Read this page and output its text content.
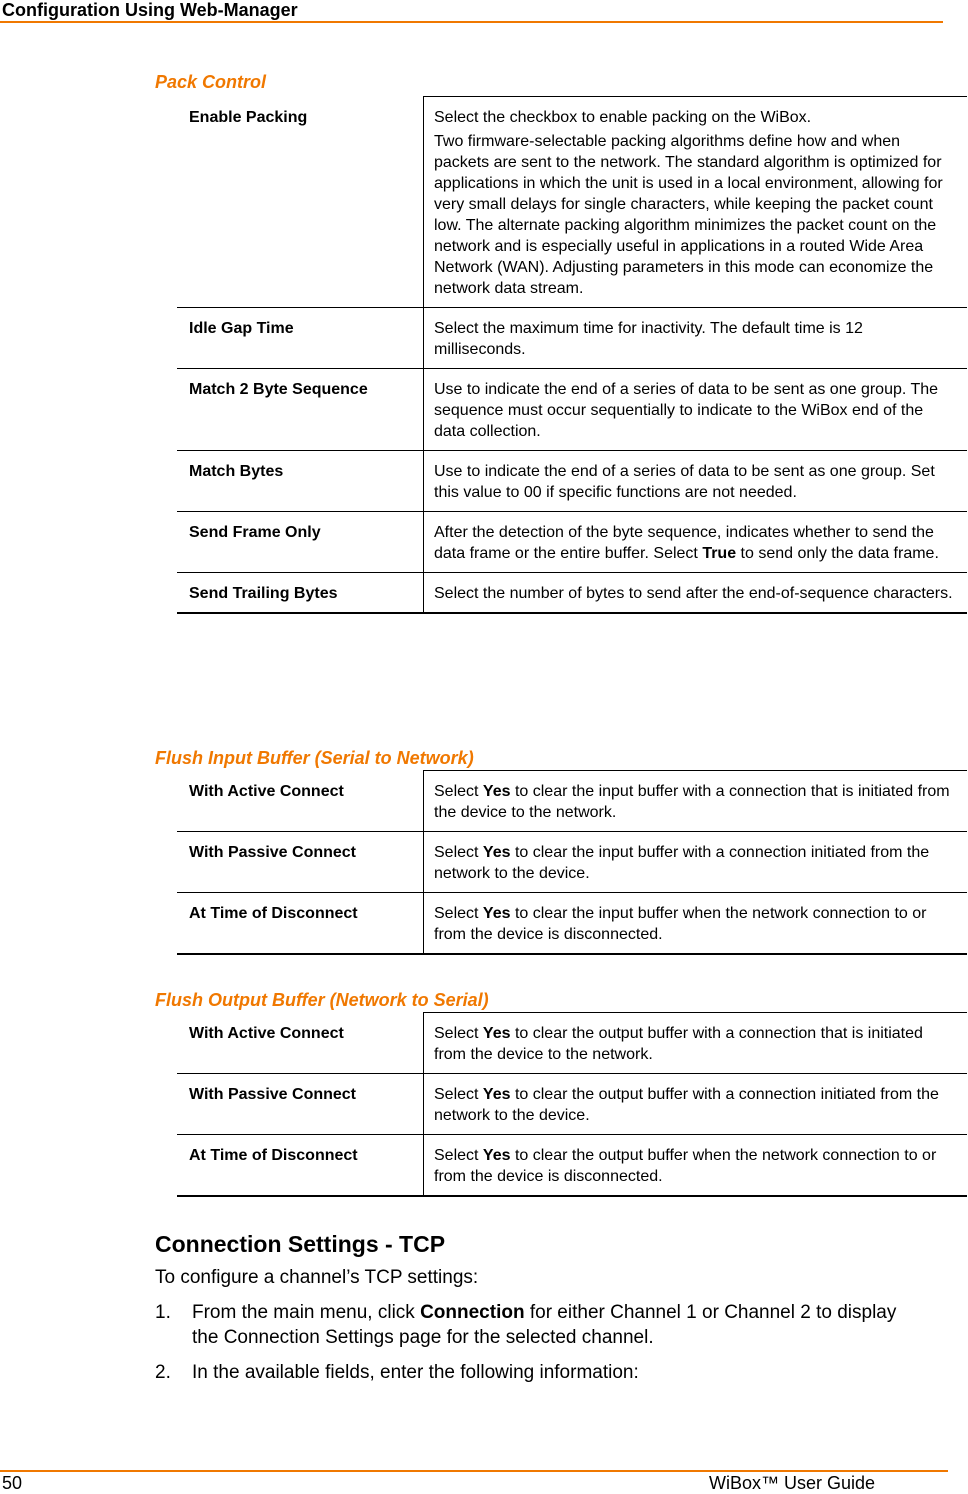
Configuration Using Web-Manager
Pack Control
Enable Packing	Select the checkbox to enable packing on the WiBox.
Two firmware-selectable packing algorithms define how and when packets are sent to the network. The standard algorithm is optimized for applications in which the unit is used in a local environment, allowing for very small delays for single characters, while keeping the packet count low. The alternate packing algorithm minimizes the packet count on the network and is especially useful in applications in a routed Wide Area Network (WAN). Adjusting parameters in this mode can economize the network data stream.

Idle Gap Time	Select the maximum time for inactivity. The default time is 12 milliseconds.

Match 2 Byte Sequence	Use to indicate the end of a series of data to be sent as one group. The sequence must occur sequentially to indicate to the WiBox end of the data collection.

Match Bytes	Use to indicate the end of a series of data to be sent as one group. Set this value to 00 if specific functions are not needed.

Send Frame Only	After the detection of the byte sequence, indicates whether to send the data frame or the entire buffer. Select True to send only the data frame.
Send Trailing Bytes	Select the number of bytes to send after the end-of-sequence characters.
Flush Input Buffer (Serial to Network)
With Active Connect	Select Yes to clear the input buffer with a connection that is initiated from the device to the network.
With Passive Connect	Select Yes to clear the input buffer with a connection initiated from the network to the device.
At Time of Disconnect	Select Yes to clear the input buffer when the network connection to or from the device is disconnected.
Flush Output Buffer (Network to Serial)
With Active Connect	Select Yes to clear the output buffer with a connection that is initiated from the device to the network.
With Passive Connect	Select Yes to clear the output buffer with a connection initiated from the network to the device.
At Time of Disconnect	Select Yes to clear the output buffer when the network connection to or from the device is disconnected.
Connection Settings - TCP
To configure a channel’s TCP settings:
1. From the main menu, click Connection for either Channel 1 or Channel 2 to display the Connection Settings page for the selected channel.
2. In the available fields, enter the following information:
50	WiBox™ User Guide
